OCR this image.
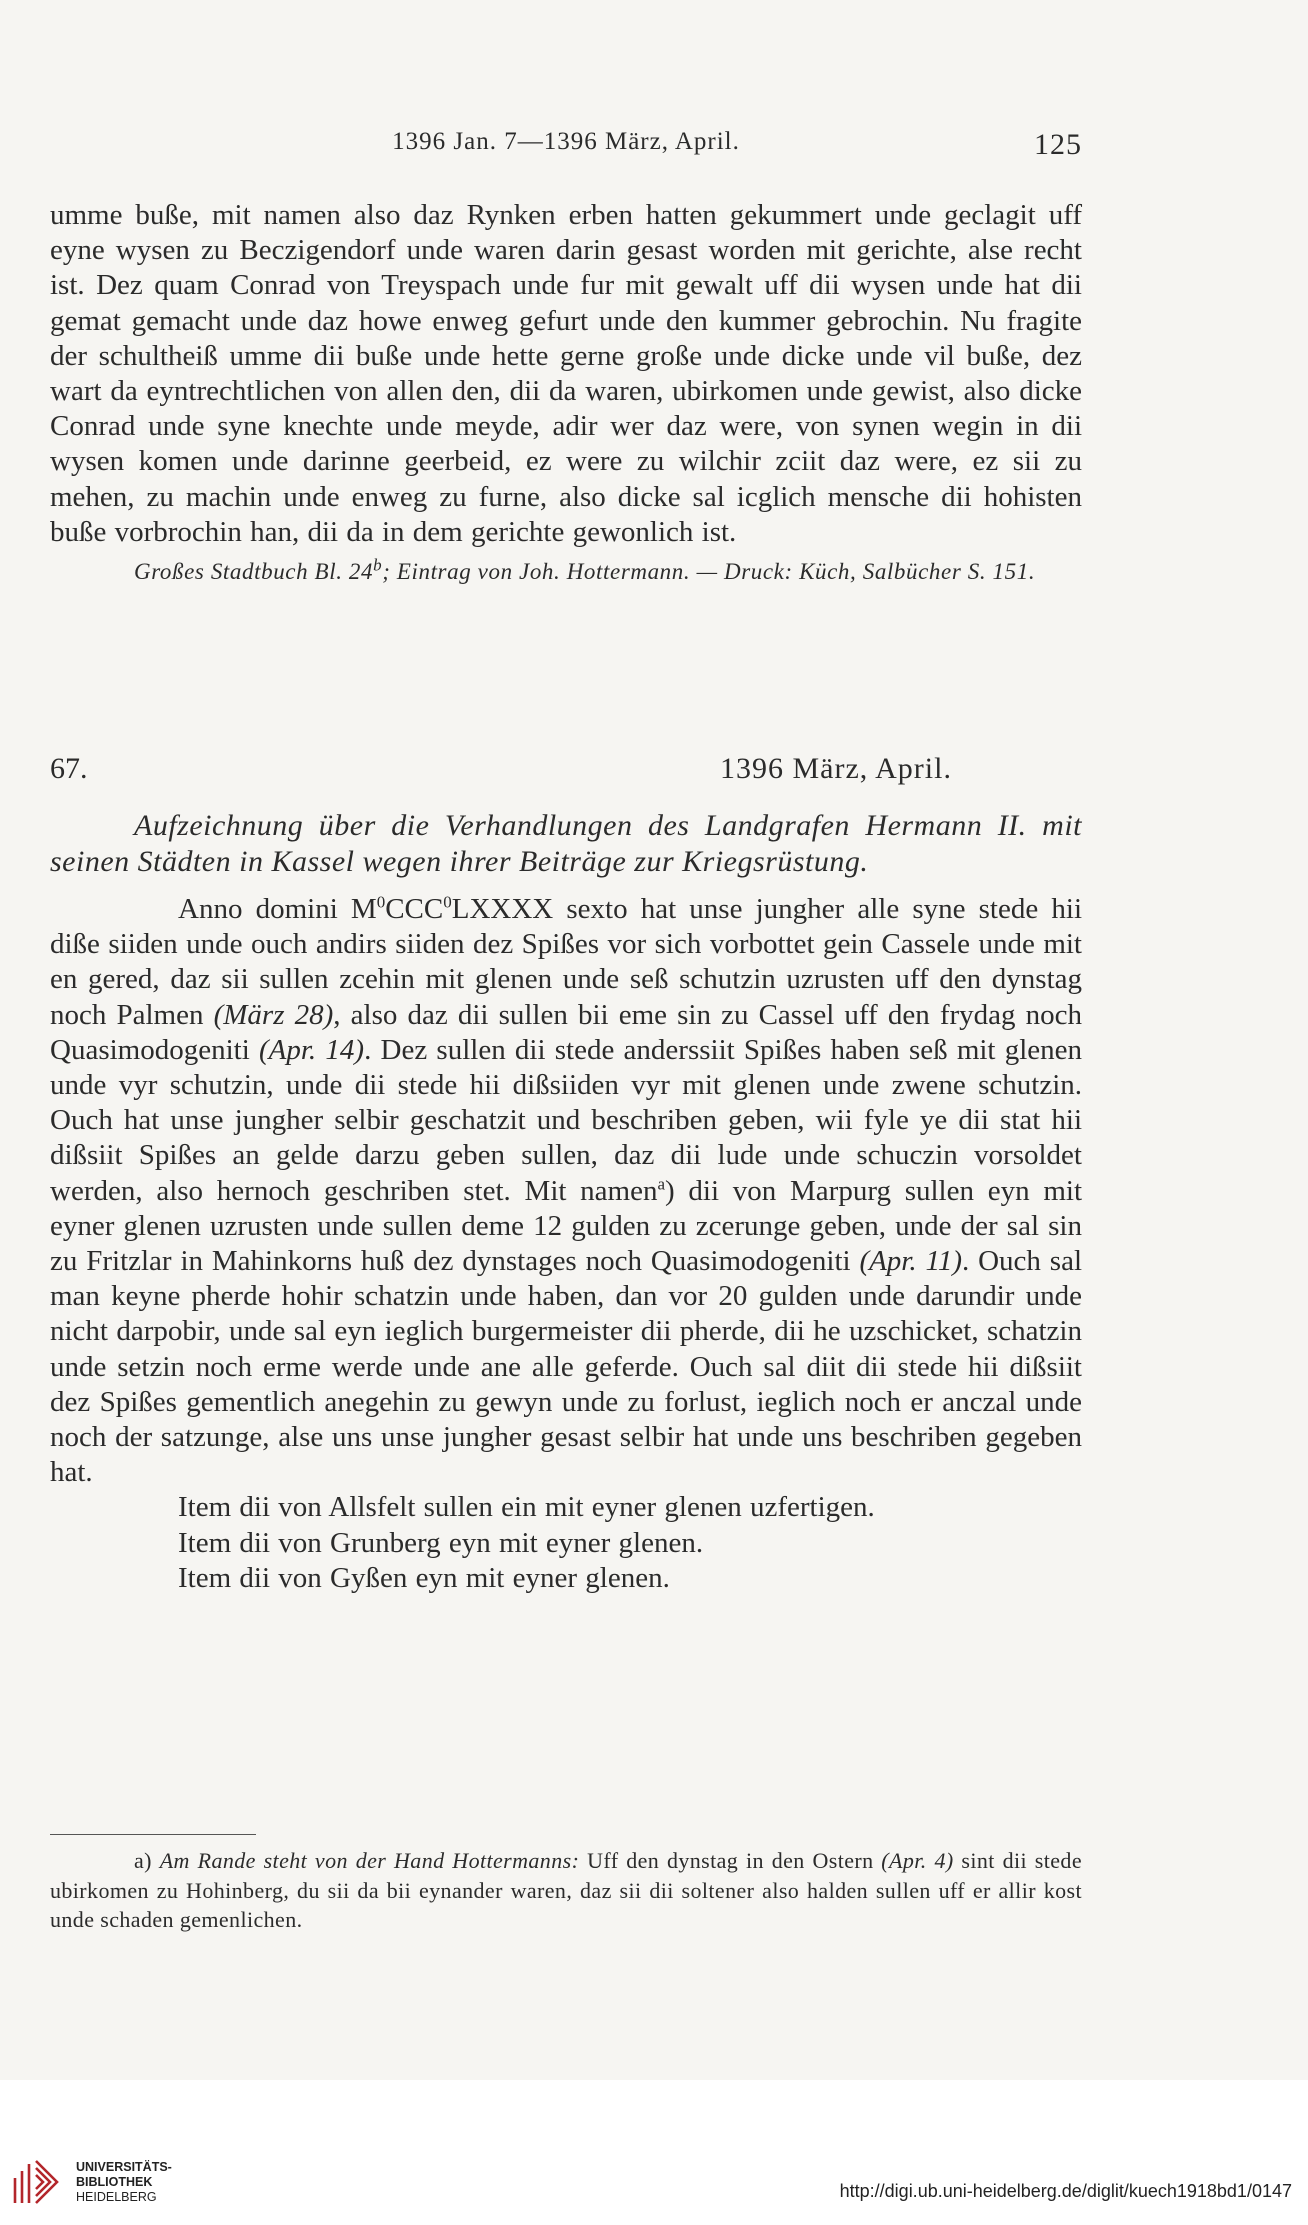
1396 Jan. 7—1396 März, April.	125

umme buße, mit namen also daz Rynken erben hatten gekummert unde geclagit uff eyne wysen zu Beczigendorf unde waren darin gesast worden mit gerichte, alse recht ist. Dez quam Conrad von Treyspach unde fur mit gewalt uff dii wysen unde hat dii gemat gemacht unde daz howe enweg gefurt unde den kummer gebrochin. Nu fragite der schultheiß umme dii buße unde hette gerne große unde dicke unde vil buße, dez wart da eyntrechtlichen von allen den, dii da waren, ubirkomen unde gewist, also dicke Conrad unde syne knechte unde meyde, adir wer daz were, von synen wegin in dii wysen komen unde darinne geerbeid, ez were zu wilchir zciit daz were, ez sii zu mehen, zu machin unde enweg zu furne, also dicke sal icglich mensche dii hohisten buße vorbrochin han, dii da in dem gerichte gewonlich ist.

Großes Stadtbuch Bl. 24$^b$; Eintrag von Joh. Hottermann. — Druck: Küch, Salbücher S. 151.

67.	1396 März, April.

Aufzeichnung über die Verhandlungen des Landgrafen Hermann II. mit seinen Städten in Kassel wegen ihrer Beiträge zur Kriegsrüstung.

Anno domini $M^0CCC^0LXXXX$ sexto hat unse jungher alle syne stede hii diße siiden unde ouch andirs siiden dez Spißes vor sich vorbottet gein Cassele unde mit en gered, daz sii sullen zcehin mit glenen unde seß schutzin uzrusten uff den dynstag noch Palmen (März 28), also daz dii sullen bii eme sin zu Cassel uff den frydag noch Quasimodogeniti (Apr. 14). Dez sullen dii stede anderssiit Spißes haben seß mit glenen unde vyr schutzin, unde dii stede hii dißsiiden vyr mit glenen unde zwene schutzin. Ouch hat unse jungher selbir geschatzit und beschriben geben, wii fyle ye dii stat hii dißsiit Spißes an gelde darzu geben sullen, daz dii lude unde schuczin vorsoldet werden, also hernoch geschriben stet. Mit namen$^a$) dii von Marpurg sullen eyn mit eyner glenen uzrusten unde sullen deme 12 gulden zu zcerunge geben, unde der sal sin zu Fritzlar in Mahinkorns huß dez dynstages noch Quasimodogeniti (Apr. 11). Ouch sal man keyne pherde hohir schatzin unde haben, dan vor 20 gulden unde darundir unde nicht darpobir, unde sal eyn ieglich burgermeister dii pherde, dii he uzschicket, schatzin unde setzin noch erme werde unde ane alle geferde. Ouch sal diit dii stede hii dißsiit dez Spißes gementlich anegehin zu gewyn unde zu forlust, ieglich noch er anczal unde noch der satzunge, alse uns unse jungher gesast selbir hat unde uns beschriben gegeben hat.

Item dii von Allsfelt sullen ein mit eyner glenen uzfertigen.

Item dii von Grunberg eyn mit eyner glenen.

Item dii von Gyßen eyn mit eyner glenen.

a) Am Rande steht von der Hand Hottermanns: Uff den dynstag in den Ostern (Apr. 4) sint dii stede ubirkomen zu Hohinberg, du sii da bii eynander waren, daz sii dii soltener also halden sullen uff er allir kost unde schaden gemenlichen.

UNIVERSITÄTS-
BIBLIOTHEK
HEIDELBERG	http://digi.ub.uni-heidelberg.de/diglit/kuech1918bd1/0147
